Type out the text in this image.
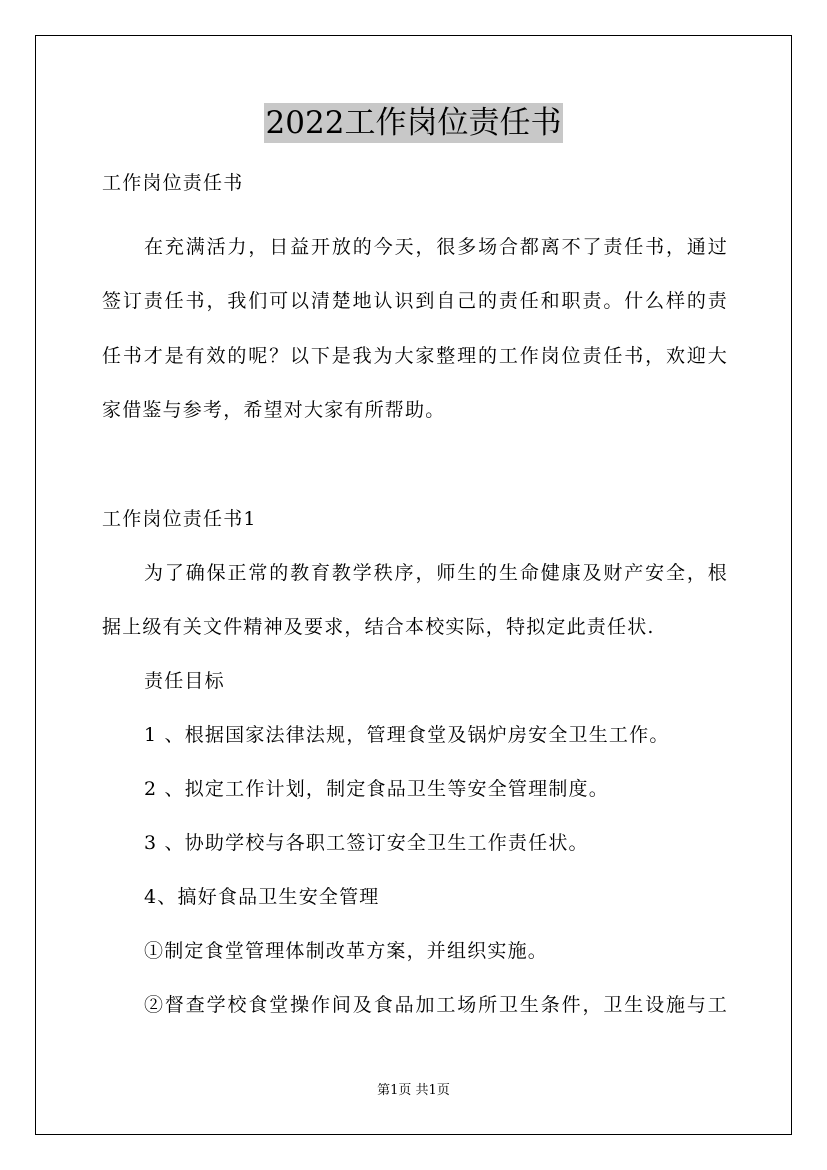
2022工作岗位责任书
工作岗位责任书
在充满活力，日益开放的今天，很多场合都离不了责任书，通过
签订责任书，我们可以清楚地认识到自己的责任和职责。什么样的责
任书才是有效的呢？以下是我为大家整理的工作岗位责任书，欢迎大
家借鉴与参考，希望对大家有所帮助。
工作岗位责任书1
为了确保正常的教育教学秩序，师生的生命健康及财产安全，根
据上级有关文件精神及要求，结合本校实际，特拟定此责任状.
责任目标
1 、根据国家法律法规，管理食堂及锅炉房安全卫生工作。
2 、拟定工作计划，制定食品卫生等安全管理制度。
3 、协助学校与各职工签订安全卫生工作责任状。
4、搞好食品卫生安全管理
①制定食堂管理体制改革方案，并组织实施。
②督查学校食堂操作间及食品加工场所卫生条件，卫生设施与工
第1页 共1页
